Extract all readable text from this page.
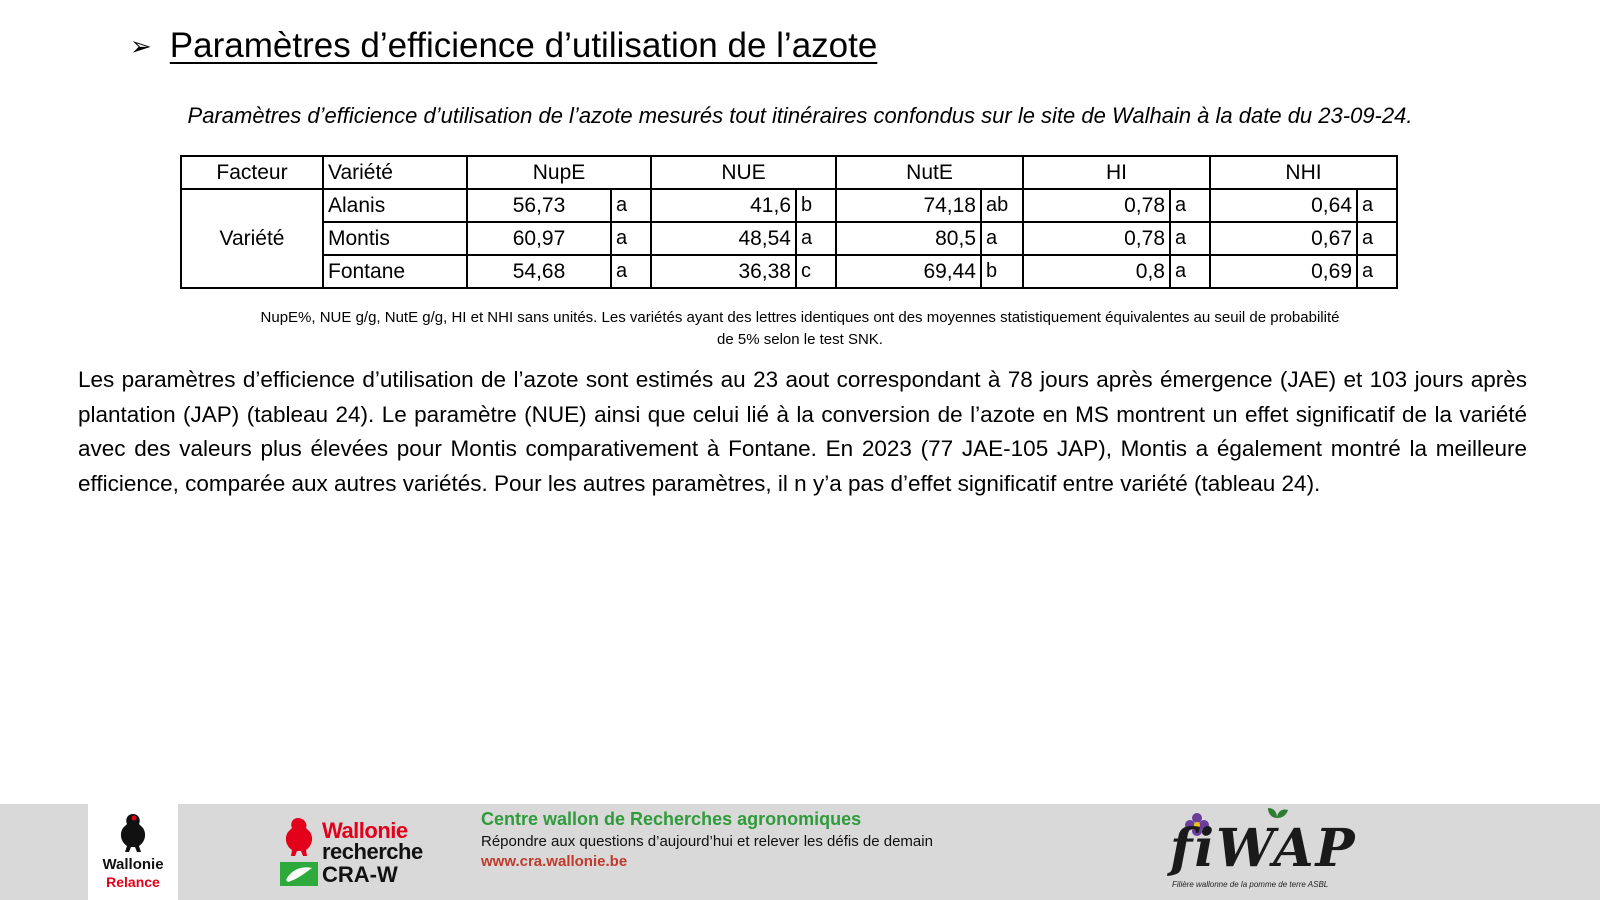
➢ Paramètres d’efficience d’utilisation de l’azote
Paramètres d’efficience d’utilisation de l’azote mesurés tout itinéraires confondus sur le site de Walhain à la date du 23-09-24.
Facteur	Variété	NupE		NUE		NutE		HI		NHI	
Variété	Alanis	56,73	a	41,6	b	74,18	ab	0,78	a	0,64	a
	Montis	60,97	a	48,54	a	80,5	a	0,78	a	0,67	a
	Fontane	54,68	a	36,38	c	69,44	b	0,8	a	0,69	a
NupE%, NUE g/g, NutE g/g, HI et NHI sans unités. Les variétés ayant des lettres identiques ont des moyennes statistiquement équivalentes au seuil de probabilité
de 5% selon le test SNK.
Les paramètres d’efficience d’utilisation de l’azote sont estimés au 23 aout correspondant à 78 jours après émergence (JAE) et 103 jours après plantation (JAP) (tableau 24). Le paramètre (NUE) ainsi que celui lié à la conversion de l’azote en MS montrent un effet significatif de la variété avec des valeurs plus élevées pour Montis comparativement à Fontane. En 2023 (77 JAE-105 JAP), Montis a également montré la meilleure efficience, comparée aux autres variétés. Pour les autres paramètres, il n y’a pas d’effet significatif entre variété (tableau 24).
Wallonie
Relance
Wallonie
recherche
CRA-W
Centre wallon de Recherches agronomiques
Répondre aux questions d’aujourd’hui et relever les défis de demain
www.cra.wallonie.be	fiWAP
Filière wallonne de la pomme de terre ASBL
